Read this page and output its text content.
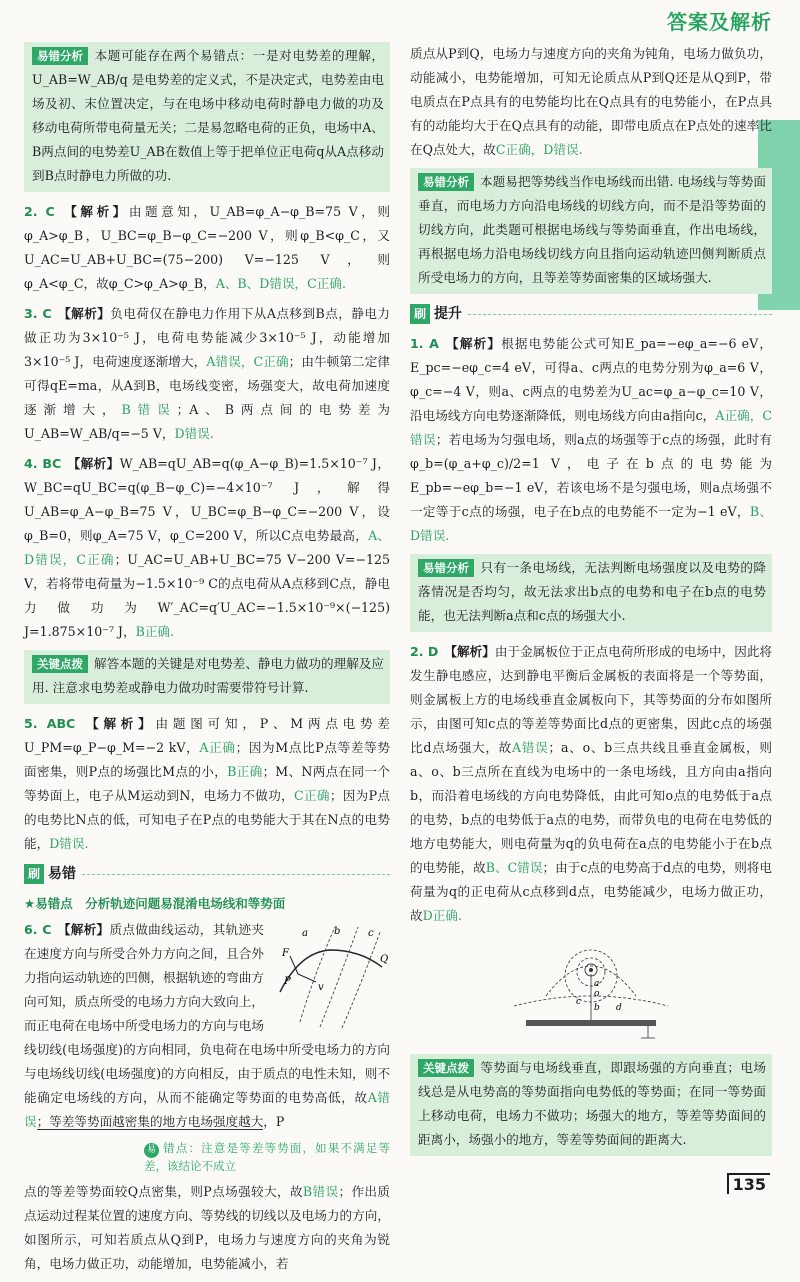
答案及解析
易错分析 本题可能存在两个易错点：一是对电势差的理解，U_AB=W_AB/q 是电势差的定义式，不是决定式，电势差由电场及初、末位置决定，与在电场中移动电荷时静电力做的功及移动电荷所带电荷量无关；二是易忽略电荷的正负，电场中A、B两点间的电势差U_AB在数值上等于把单位正电荷q从A点移动到B点时静电力所做的功.
2. C 【解析】由题意知，U_AB=φ_A−φ_B=75 V，则φ_A>φ_B，U_BC=φ_B−φ_C=−200 V，则φ_B<φ_C，又U_AC=U_AB+U_BC=(75−200) V=−125 V，则φ_A<φ_C，故φ_C>φ_A>φ_B，A、B、D错误，C正确.
3. C 【解析】负电荷仅在静电力作用下从A点移到B点，静电力做正功为3×10⁻⁵ J，电荷电势能减少3×10⁻⁵ J，动能增加3×10⁻⁵ J，电荷速度逐渐增大，A错误，C正确；由牛顿第二定律可得qE=ma，从A到B，电场线变密，场强变大，故电荷加速度逐渐增大，B错误；A、B两点间的电势差为U_AB=W_AB/q=−5 V，D错误.
4. BC 【解析】W_AB=qU_AB=q(φ_A−φ_B)=1.5×10⁻⁷ J，W_BC=qU_BC=q(φ_B−φ_C)=−4×10⁻⁷ J，解得U_AB=φ_A−φ_B=75 V，U_BC=φ_B−φ_C=−200 V，设φ_B=0，则φ_A=75 V，φ_C=200 V，所以C点电势最高，A、D错误，C正确；U_AC=U_AB+U_BC=75 V−200 V=−125 V，若将带电荷量为−1.5×10⁻⁹ C的点电荷从A点移到C点，静电力做功为W′_AC=q′U_AC=−1.5×10⁻⁹×(−125) J=1.875×10⁻⁷ J，B正确.
关键点拨 解答本题的关键是对电势差、静电力做功的理解及应用. 注意求电势差或静电力做功时需要带符号计算.
5. ABC 【解析】由题图可知，P、M两点电势差U_PM=φ_P−φ_M=−2 kV，A正确；因为M点比P点等差等势面密集，则P点的场强比M点的小，B正确；M、N两点在同一个等势面上，电子从M运动到N，电场力不做功，C正确；因为P点的电势比N点的低，可知电子在P点的电势能大于其在N点的电势能，D错误.
刷 易错
★易错点　分析轨迹问题易混淆电场线和等势面
a	b	c
P
Q
F
v
6. C 【解析】质点做曲线运动，其轨迹夹在速度方向与所受合外力方向之间，且合外力指向运动轨迹的凹侧，根据轨迹的弯曲方向可知，质点所受的电场力方向大致向上，而正电荷在电场中所受电场力的方向与电场线切线(电场强度)的方向相同，负电荷在电场中所受电场力的方向与电场线切线(电场强度)的方向相反，由于质点的电性未知，则不能确定电场线的方向，从而不能确定等势面的电势高低，故A错误；等差等势面越密集的地方电场强度越大，P
易 错点：注意是等差等势面，如果不满足等差，该结论不成立
点的等差等势面较Q点密集，则P点场强较大，故B错误；作出质点运动过程某位置的速度方向、等势线的切线以及电场力的方向，如图所示，可知若质点从Q到P，电场力与速度方向的夹角为锐角，电场力做正功，动能增加，电势能减小，若
质点从P到Q，电场力与速度方向的夹角为钝角，电场力做负功，动能减小，电势能增加，可知无论质点从P到Q还是从Q到P，带电质点在P点具有的电势能均比在Q点具有的电势能小，在P点具有的动能均大于在Q点具有的动能，即带电质点在P点处的速率比在Q点处大，故C正确，D错误.
易错分析 本题易把等势线当作电场线而出错. 电场线与等势面垂直，而电场力方向沿电场线的切线方向，而不是沿等势面的切线方向，此类题可根据电场线与等势面垂直，作出电场线，再根据电场力沿电场线切线方向且指向运动轨迹凹侧判断质点所受电场力的方向，且等差等势面密集的区域场强大.
刷 提升
1. A 【解析】根据电势能公式可知E_pa=−eφ_a=−6 eV，E_pc=−eφ_c=4 eV，可得a、c两点的电势分别为φ_a=6 V，φ_c=−4 V，则a、c两点的电势差为U_ac=φ_a−φ_c=10 V，沿电场线方向电势逐渐降低，则电场线方向由a指向c，A正确，C错误；若电场为匀强电场，则a点的场强等于c点的场强，此时有φ_b=(φ_a+φ_c)/2=1 V，电子在b点的电势能为E_pb=−eφ_b=−1 eV，若该电场不是匀强电场，则a点场强不一定等于c点的场强，电子在b点的电势能不一定为−1 eV，B、D错误.
易错分析 只有一条电场线，无法判断电场强度以及电势的降落情况是否均匀，故无法求出b点的电势和电子在b点的电势能，也无法判断a点和c点的场强大小.
2. D 【解析】由于金属板位于正点电荷所形成的电场中，因此将发生静电感应，达到静电平衡后金属板的表面将是一个等势面，则金属板上方的电场线垂直金属板向下，其等势面的分布如图所示，由图可知c点的等差等势面比d点的更密集，因此c点的场强比d点场强大，故A错误；a、o、b三点共线且垂直金属板，则a、o、b三点所在直线为电场中的一条电场线，且方向由a指向b，而沿着电场线的方向电势降低，由此可知o点的电势低于a点的电势，b点的电势低于a点的电势，而带负电的电荷在电势低的地方电势能大，则电荷量为q的负电荷在a点的电势能小于在b点的电势能，故B、C错误；由于c点的电势高于d点的电势，则将电荷量为q的正电荷从c点移到d点，电势能减少，电场力做正功，故D正确.
a
o
b
c
d
关键点拨 等势面与电场线垂直，即跟场强的方向垂直；电场线总是从电势高的等势面指向电势低的等势面；在同一等势面上移动电荷，电场力不做功；场强大的地方，等差等势面间的距离小，场强小的地方，等差等势面间的距离大.
135
